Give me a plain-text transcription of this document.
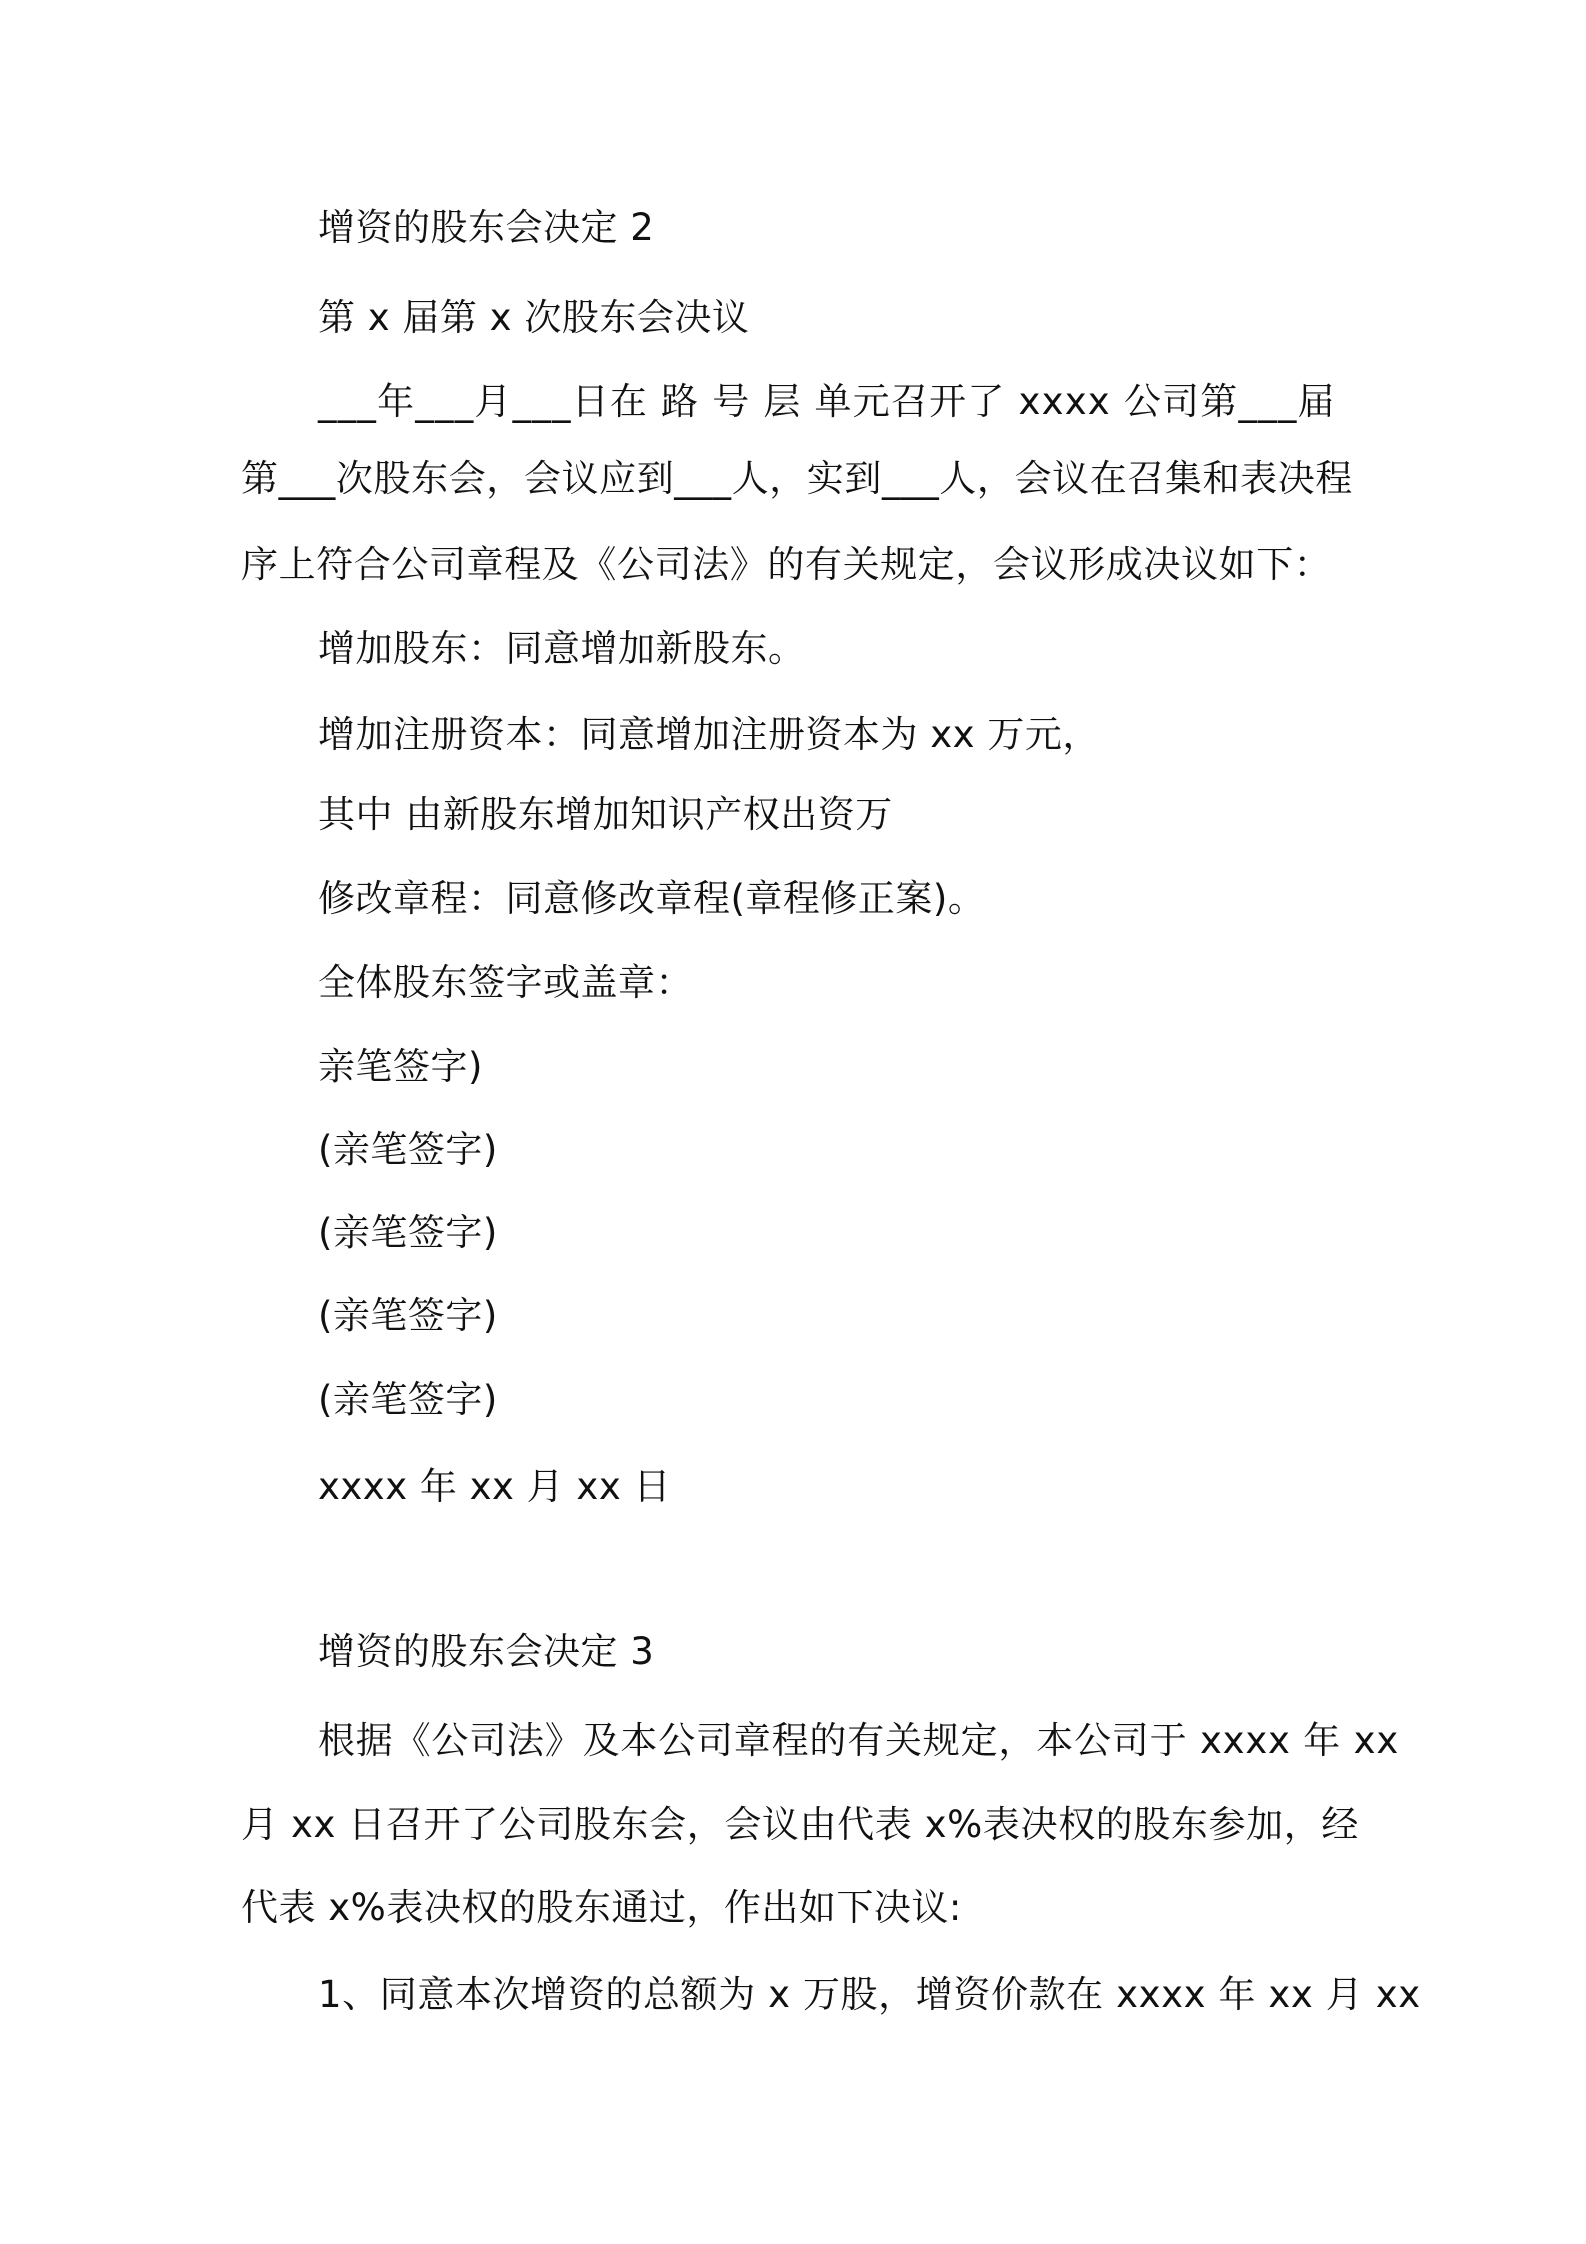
增资的股东会决定 2
第 x 届第 x 次股东会决议
___年___月___日在 路 号 层 单元召开了 xxxx 公司第___届
第___次股东会，会议应到___人，实到___人，会议在召集和表决程
序上符合公司章程及《公司法》的有关规定，会议形成决议如下：
增加股东：同意增加新股东。
增加注册资本：同意增加注册资本为 xx 万元，
其中 由新股东增加知识产权出资万
修改章程：同意修改章程(章程修正案)。
全体股东签字或盖章：
亲笔签字)
(亲笔签字)
(亲笔签字)
(亲笔签字)
(亲笔签字)
xxxx 年 xx 月 xx 日
增资的股东会决定 3
根据《公司法》及本公司章程的有关规定，本公司于 xxxx 年 xx
月 xx 日召开了公司股东会，会议由代表 x%表决权的股东参加，经
代表 x%表决权的股东通过，作出如下决议:
1、同意本次增资的总额为 x 万股，增资价款在 xxxx 年 xx 月 xx
